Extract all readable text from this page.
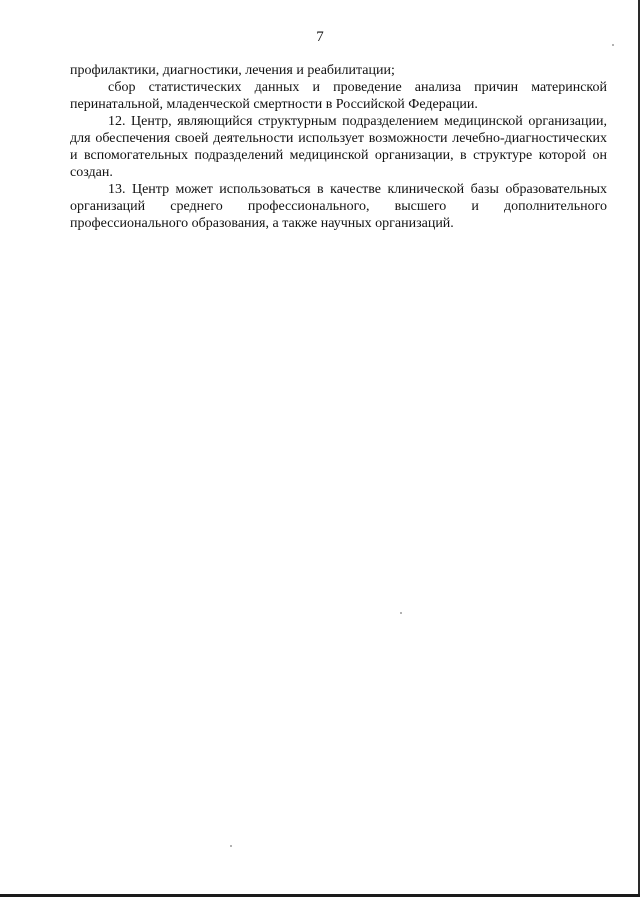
7

профилактики, диагностики, лечения и реабилитации;

сбор статистических данных и проведение анализа причин материнской перинатальной, младенческой смертности в Российской Федерации.

12. Центр, являющийся структурным подразделением медицинской организации, для обеспечения своей деятельности использует возможности лечебно-диагностических и вспомогательных подразделений медицинской организации, в структуре которой он создан.

13. Центр может использоваться в качестве клинической базы образовательных организаций среднего профессионального, высшего и дополнительного профессионального образования, а также научных организаций.
